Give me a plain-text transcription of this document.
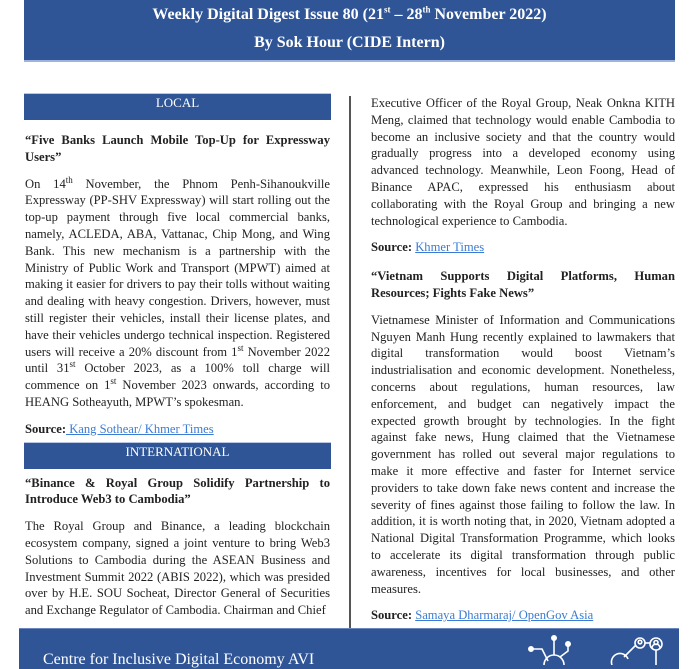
Weekly Digital Digest Issue 80 (21st – 28th November 2022)
By Sok Hour (CIDE Intern)
LOCAL

“Five Banks Launch Mobile Top-Up for Expressway Users”

On 14th November, the Phnom Penh-Sihanoukville Expressway (PP-SHV Expressway) will start rolling out the top-up payment through five local commercial banks, namely, ACLEDA, ABA, Vattanac, Chip Mong, and Wing Bank. This new mechanism is a partnership with the Ministry of Public Work and Transport (MPWT) aimed at making it easier for drivers to pay their tolls without waiting and dealing with heavy congestion. Drivers, however, must still register their vehicles, install their license plates, and have their vehicles undergo technical inspection. Registered users will receive a 20% discount from 1st November 2022 until 31st October 2023, as a 100% toll charge will commence on 1st November 2023 onwards, according to HEANG Sotheayuth, MPWT’s spokesman.

Source: Kang Sothear/ Khmer Times

INTERNATIONAL

“Binance & Royal Group Solidify Partnership to Introduce Web3 to Cambodia”

The Royal Group and Binance, a leading blockchain ecosystem company, signed a joint venture to bring Web3 Solutions to Cambodia during the ASEAN Business and Investment Summit 2022 (ABIS 2022), which was presided over by H.E. SOU Socheat, Director General of Securities and Exchange Regulator of Cambodia. Chairman and Chief

Executive Officer of the Royal Group, Neak Onkna KITH Meng, claimed that technology would enable Cambodia to become an inclusive society and that the country would gradually progress into a developed economy using advanced technology. Meanwhile, Leon Foong, Head of Binance APAC, expressed his enthusiasm about collaborating with the Royal Group and bringing a new technological experience to Cambodia.

Source: Khmer Times

“Vietnam Supports Digital Platforms, Human Resources; Fights Fake News”

Vietnamese Minister of Information and Communications Nguyen Manh Hung recently explained to lawmakers that digital transformation would boost Vietnam’s industrialisation and economic development. Nonetheless, concerns about regulations, human resources, law enforcement, and budget can negatively impact the expected growth brought by technologies. In the fight against fake news, Hung claimed that the Vietnamese government has rolled out several major regulations to make it more effective and faster for Internet service providers to take down fake news content and increase the severity of fines against those failing to follow the law. In addition, it is worth noting that, in 2020, Vietnam adopted a National Digital Transformation Programme, which looks to accelerate its digital transformation through public awareness, incentives for local businesses, and other measures.

Source: Samaya Dharmaraj/ OpenGov Asia

Centre for Inclusive Digital Economy AVI
